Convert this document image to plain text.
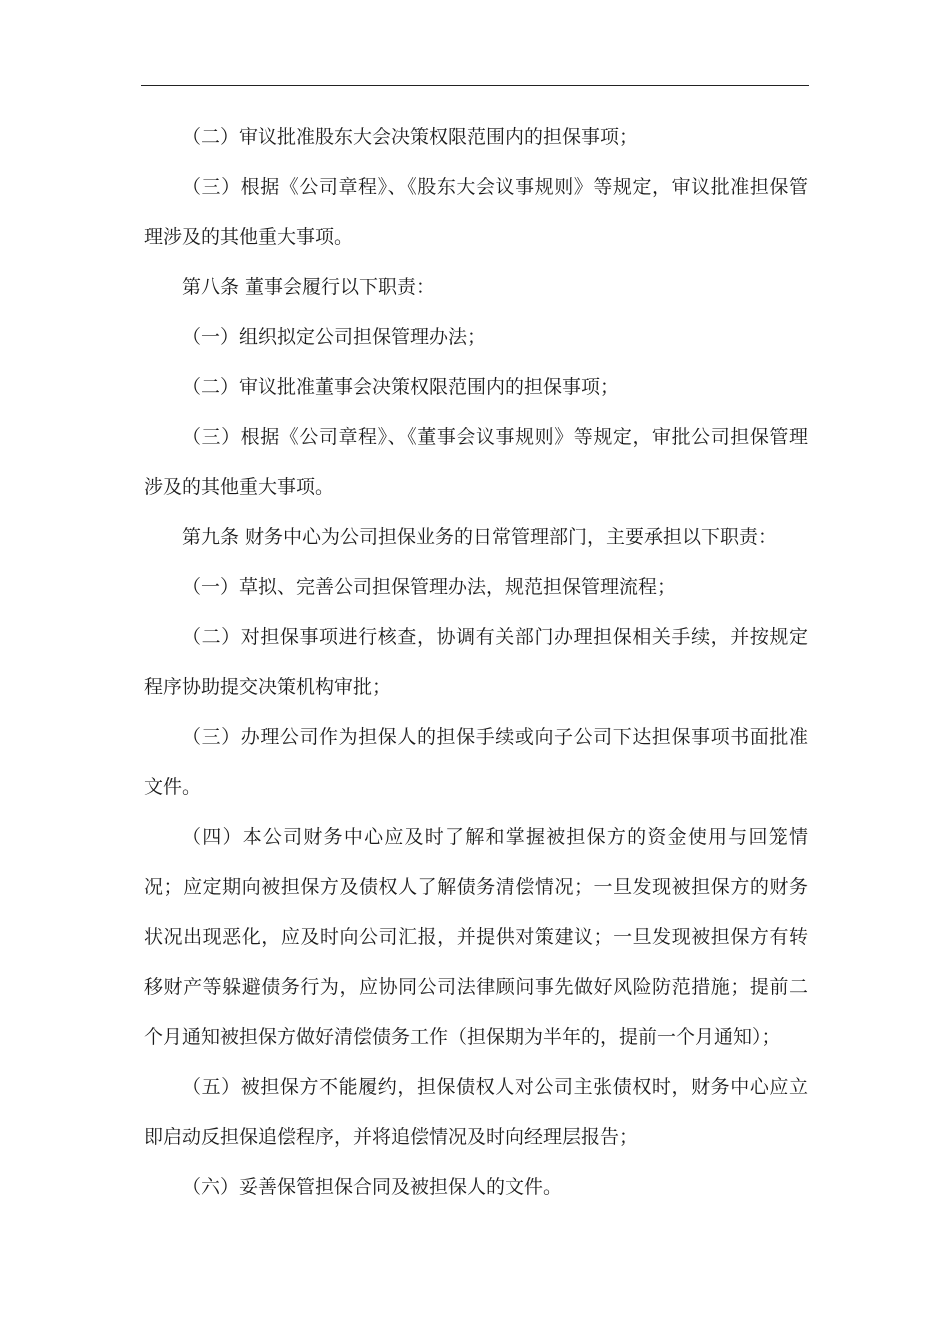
（二）审议批准股东大会决策权限范围内的担保事项；

（三）根据《公司章程》、《股东大会议事规则》等规定，审议批准担保管理涉及的其他重大事项。

第八条 董事会履行以下职责：

（一）组织拟定公司担保管理办法；

（二）审议批准董事会决策权限范围内的担保事项；

（三）根据《公司章程》、《董事会议事规则》等规定，审批公司担保管理涉及的其他重大事项。

第九条 财务中心为公司担保业务的日常管理部门，主要承担以下职责：

（一）草拟、完善公司担保管理办法，规范担保管理流程；

（二）对担保事项进行核查，协调有关部门办理担保相关手续，并按规定程序协助提交决策机构审批；

（三）办理公司作为担保人的担保手续或向子公司下达担保事项书面批准文件。

（四）本公司财务中心应及时了解和掌握被担保方的资金使用与回笼情况；应定期向被担保方及债权人了解债务清偿情况；一旦发现被担保方的财务状况出现恶化，应及时向公司汇报，并提供对策建议；一旦发现被担保方有转移财产等躲避债务行为，应协同公司法律顾问事先做好风险防范措施；提前二个月通知被担保方做好清偿债务工作（担保期为半年的，提前一个月通知）；

（五）被担保方不能履约，担保债权人对公司主张债权时，财务中心应立即启动反担保追偿程序，并将追偿情况及时向经理层报告；

（六）妥善保管担保合同及被担保人的文件。
